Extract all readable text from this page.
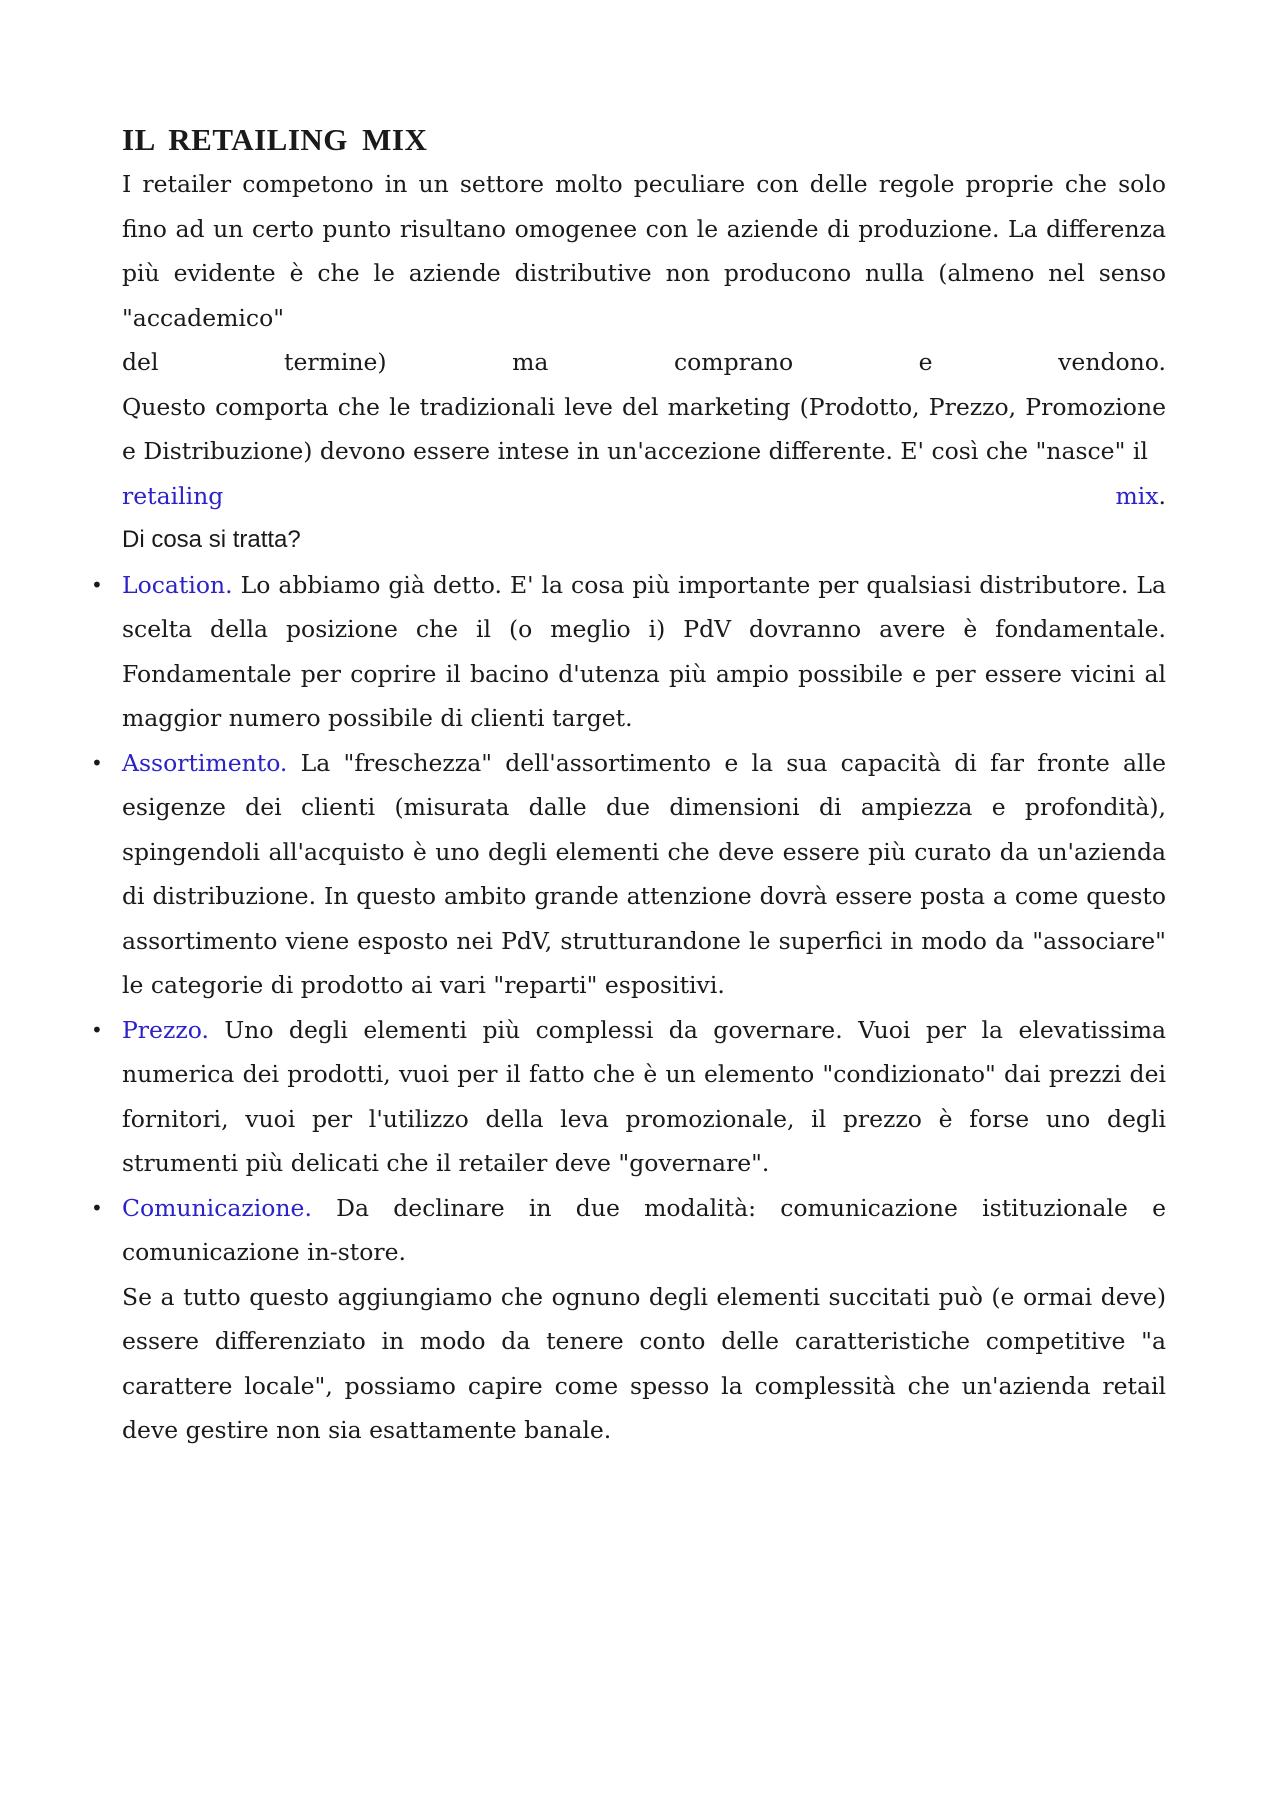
IL RETAILING MIX

I retailer competono in un settore molto peculiare con delle regole proprie che solo fino ad un certo punto risultano omogenee con le aziende di produzione. La differenza più evidente è che le aziende distributive non producono nulla (almeno nel senso "accademico"

del termine) ma comprano e vendono.

Questo comporta che le tradizionali leve del marketing (Prodotto, Prezzo, Promozione e Distribuzione) devono essere intese in un'accezione differente. E' così che "nasce" il

retailing mix.

Di cosa si tratta?

• Location. Lo abbiamo già detto. E' la cosa più importante per qualsiasi distributore. La scelta della posizione che il (o meglio i) PdV dovranno avere è fondamentale. Fondamentale per coprire il bacino d'utenza più ampio possibile e per essere vicini al maggior numero possibile di clienti target.

• Assortimento. La "freschezza" dell'assortimento e la sua capacità di far fronte alle esigenze dei clienti (misurata dalle due dimensioni di ampiezza e profondità), spingendoli all'acquisto è uno degli elementi che deve essere più curato da un'azienda di distribuzione. In questo ambito grande attenzione dovrà essere posta a come questo assortimento viene esposto nei PdV, strutturandone le superfici in modo da "associare" le categorie di prodotto ai vari "reparti" espositivi.

• Prezzo. Uno degli elementi più complessi da governare. Vuoi per la elevatissima numerica dei prodotti, vuoi per il fatto che è un elemento "condizionato" dai prezzi dei fornitori, vuoi per l'utilizzo della leva promozionale, il prezzo è forse uno degli strumenti più delicati che il retailer deve "governare".

• Comunicazione. Da declinare in due modalità: comunicazione istituzionale e comunicazione in-store.

Se a tutto questo aggiungiamo che ognuno degli elementi succitati può (e ormai deve) essere differenziato in modo da tenere conto delle caratteristiche competitive "a carattere locale", possiamo capire come spesso la complessità che un'azienda retail deve gestire non sia esattamente banale.
